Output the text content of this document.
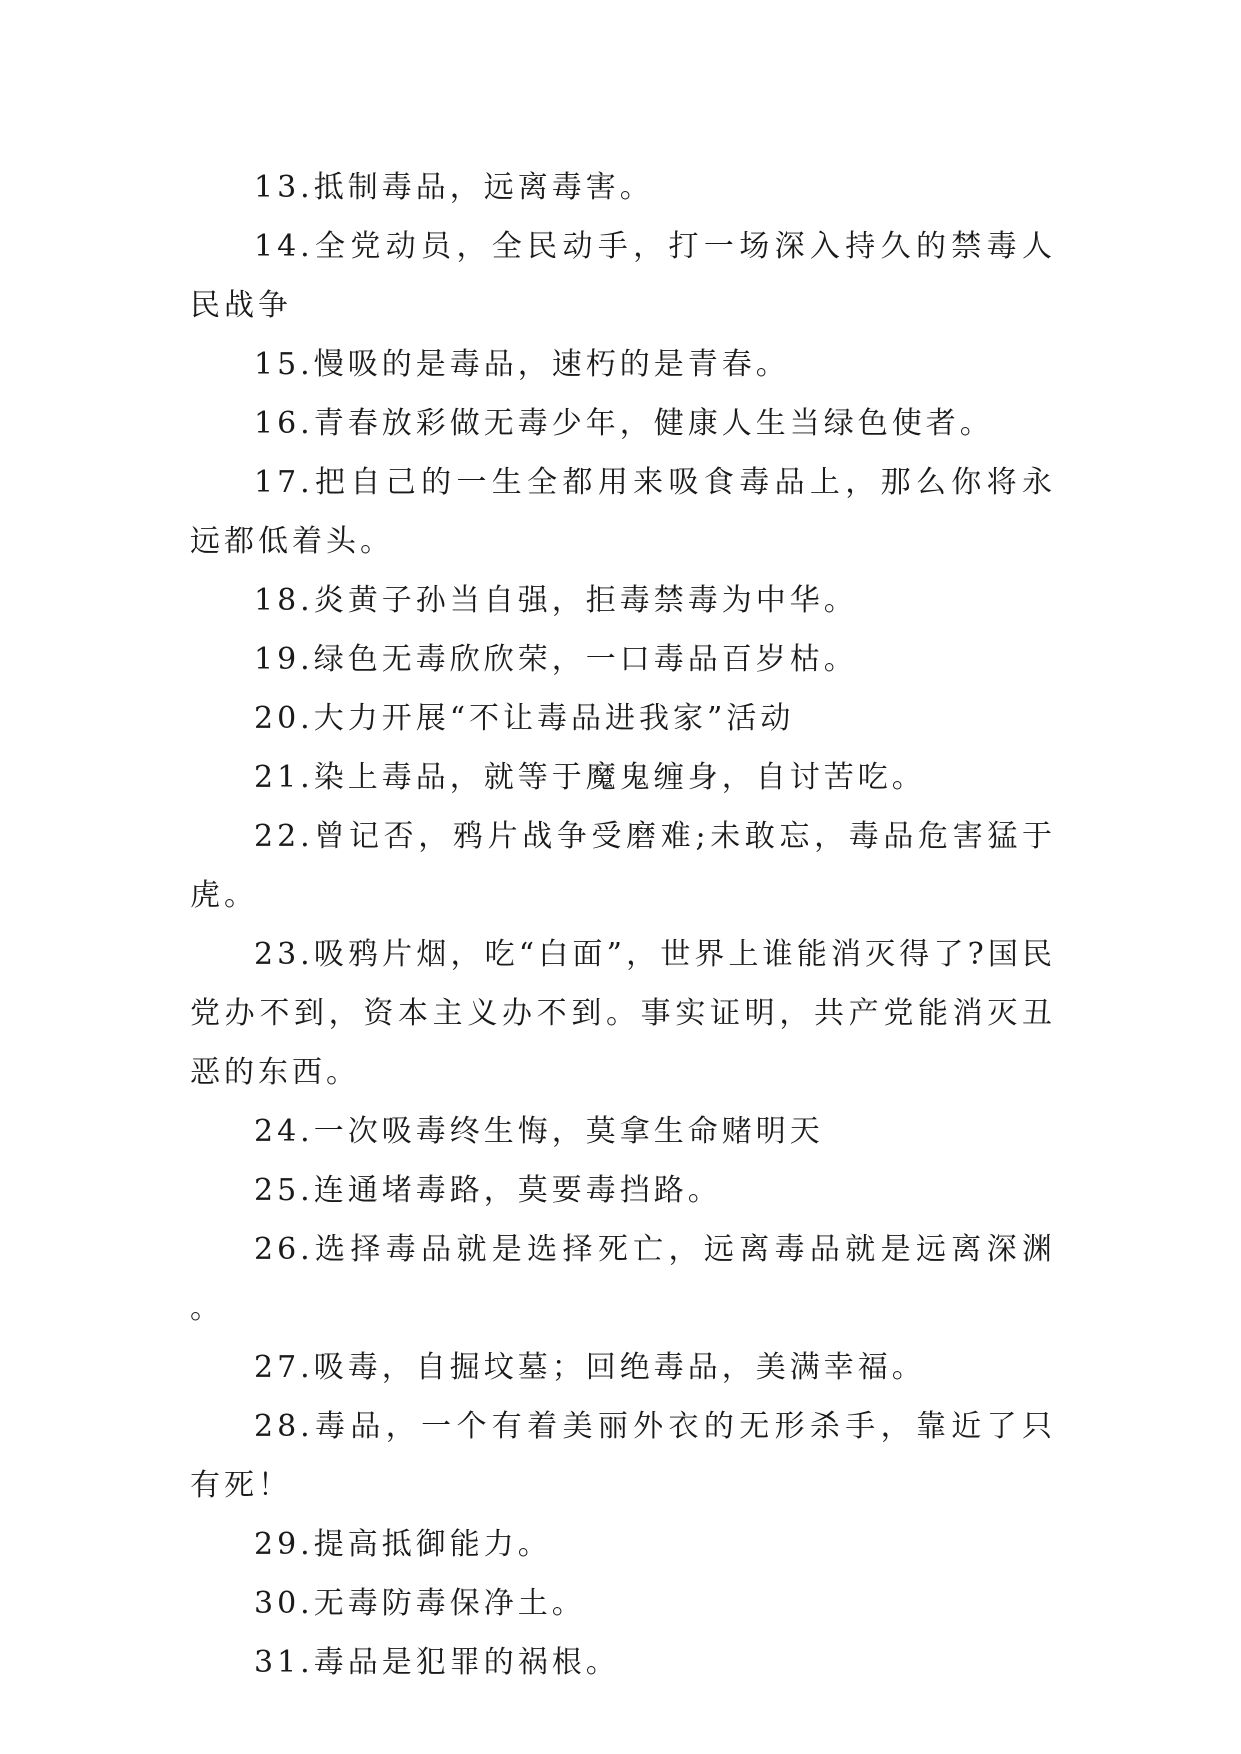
13.抵制毒品，远离毒害。

14.全党动员，全民动手，打一场深入持久的禁毒人民战争

15.慢吸的是毒品，速朽的是青春。

16.青春放彩做无毒少年，健康人生当绿色使者。

17.把自己的一生全都用来吸食毒品上，那么你将永远都低着头。

18.炎黄子孙当自强，拒毒禁毒为中华。

19.绿色无毒欣欣荣，一口毒品百岁枯。

20.大力开展“不让毒品进我家”活动

21.染上毒品，就等于魔鬼缠身，自讨苦吃。

22.曾记否，鸦片战争受磨难;未敢忘，毒品危害猛于虎。

23.吸鸦片烟，吃“白面”，世界上谁能消灭得了?国民党办不到，资本主义办不到。事实证明，共产党能消灭丑恶的东西。

24.一次吸毒终生悔，莫拿生命赌明天

25.连通堵毒路，莫要毒挡路。

26.选择毒品就是选择死亡，远离毒品就是远离深渊。

27.吸毒，自掘坟墓；回绝毒品，美满幸福。

28.毒品，一个有着美丽外衣的无形杀手，靠近了只有死！

29.提高抵御能力。

30.无毒防毒保净土。

31.毒品是犯罪的祸根。
